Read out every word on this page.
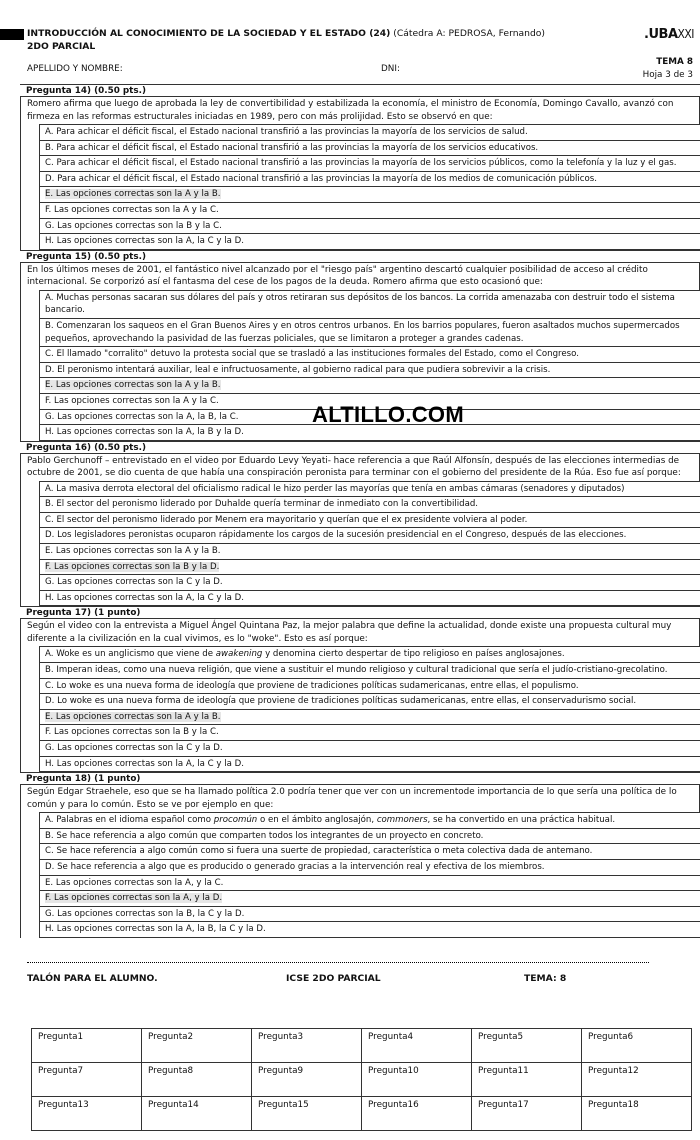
INTRODUCCIÓN AL CONOCIMIENTO DE LA SOCIEDAD Y EL ESTADO (24) (Cátedra A: PEDROSA, Fernando)
2DO PARCIAL
.UBAXXI
APELLIDO Y NOMBRE:	DNI:
TEMA 8
Hoja 3 de 3
Pregunta 14) (0.50 pts.)
Romero afirma que luego de aprobada la ley de convertibilidad y estabilizada la economía, el ministro de Economía, Domingo Cavallo, avanzó con firmeza en las reformas estructurales iniciadas en 1989, pero con más prolijidad. Esto se observó en que:
A. Para achicar el déficit fiscal, el Estado nacional transfirió a las provincias la mayoría de los servicios de salud.
B. Para achicar el déficit fiscal, el Estado nacional transfirió a las provincias la mayoría de los servicios educativos.
C. Para achicar el déficit fiscal, el Estado nacional transfirió a las provincias la mayoría de los servicios públicos, como la telefonía y la luz y el gas.
D. Para achicar el déficit fiscal, el Estado nacional transfirió a las provincias la mayoría de los medios de comunicación públicos.
E. Las opciones correctas son la A y la B.
F. Las opciones correctas son la A y la C.
G. Las opciones correctas son la B y la C.
H. Las opciones correctas son la A, la C y la D.
Pregunta 15) (0.50 pts.)
En los últimos meses de 2001, el fantástico nivel alcanzado por el "riesgo país" argentino descartó cualquier posibilidad de acceso al crédito internacional. Se corporizó así el fantasma del cese de los pagos de la deuda. Romero afirma que esto ocasionó que:
A. Muchas personas sacaran sus dólares del país y otros retiraran sus depósitos de los bancos. La corrida amenazaba con destruir todo el sistema bancario.
B. Comenzaran los saqueos en el Gran Buenos Aires y en otros centros urbanos. En los barrios populares, fueron asaltados muchos supermercados pequeños, aprovechando la pasividad de las fuerzas policiales, que se limitaron a proteger a grandes cadenas.
C. El llamado "corralito" detuvo la protesta social que se trasladó a las instituciones formales del Estado, como el Congreso.
D. El peronismo intentará auxiliar, leal e infructuosamente, al gobierno radical para que pudiera sobrevivir a la crisis.
E. Las opciones correctas son la A y la B.
F. Las opciones correctas son la A y la C.
G. Las opciones correctas son la A, la B, la C.
H. Las opciones correctas son la A, la B y la D.
Pregunta 16) (0.50 pts.)
Pablo Gerchunoff – entrevistado en el video por Eduardo Levy Yeyati- hace referencia a que Raúl Alfonsín, después de las elecciones intermedias de octubre de 2001, se dio cuenta de que había una conspiración peronista para terminar con el gobierno del presidente de la Rúa. Eso fue así porque:
A. La masiva derrota electoral del oficialismo radical le hizo perder las mayorías que tenía en ambas cámaras (senadores y diputados)
B. El sector del peronismo liderado por Duhalde quería terminar de inmediato con la convertibilidad.
C. El sector del peronismo liderado por Menem era mayoritario y querían que el ex presidente volviera al poder.
D. Los legisladores peronistas ocuparon rápidamente los cargos de la sucesión presidencial en el Congreso, después de las elecciones.
E. Las opciones correctas son la A y la B.
F. Las opciones correctas son la B y la D.
G. Las opciones correctas son la C y la D.
H. Las opciones correctas son la A, la C y la D.
Pregunta 17) (1 punto)
Según el video con la entrevista a Miguel Ángel Quintana Paz, la mejor palabra que define la actualidad, donde existe una propuesta cultural muy diferente a la civilización en la cual vivimos, es lo "woke". Esto es así porque:
A. Woke es un anglicismo que viene de awakening y denomina cierto despertar de tipo religioso en países anglosajones.
B. Imperan ideas, como una nueva religión, que viene a sustituir el mundo religioso y cultural tradicional que sería el judío-cristiano-grecolatino.
C. Lo woke es una nueva forma de ideología que proviene de tradiciones políticas sudamericanas, entre ellas, el populismo.
D. Lo woke es una nueva forma de ideología que proviene de tradiciones políticas sudamericanas, entre ellas, el conservadurismo social.
E. Las opciones correctas son la A y la B.
F. Las opciones correctas son la B y la C.
G. Las opciones correctas son la C y la D.
H. Las opciones correctas son la A, la C y la D.
Pregunta 18) (1 punto)
Según Edgar Straehele, eso que se ha llamado política 2.0 podría tener que ver con un incrementode importancia de lo que sería una política de lo común y para lo común. Esto se ve por ejemplo en que:
A. Palabras en el idioma español como procomún o en el ámbito anglosajón, commoners, se ha convertido en una práctica habitual.
B. Se hace referencia a algo común que comparten todos los integrantes de un proyecto en concreto.
C. Se hace referencia a algo común como si fuera una suerte de propiedad, característica o meta colectiva dada de antemano.
D. Se hace referencia a algo que es producido o generado gracias a la intervención real y efectiva de los miembros.
E. Las opciones correctas son la A, y la C.
F. Las opciones correctas son la A, y la D.
G. Las opciones correctas son la B, la C y la D.
H. Las opciones correctas son la A, la B, la C y la D.
ALTILLO.COM
TALÓN PARA EL ALUMNO.	ICSE 2DO PARCIAL	TEMA: 8
Pregunta1	Pregunta2	Pregunta3	Pregunta4	Pregunta5	Pregunta6
Pregunta7	Pregunta8	Pregunta9	Pregunta10	Pregunta11	Pregunta12
Pregunta13	Pregunta14	Pregunta15	Pregunta16	Pregunta17	Pregunta18
